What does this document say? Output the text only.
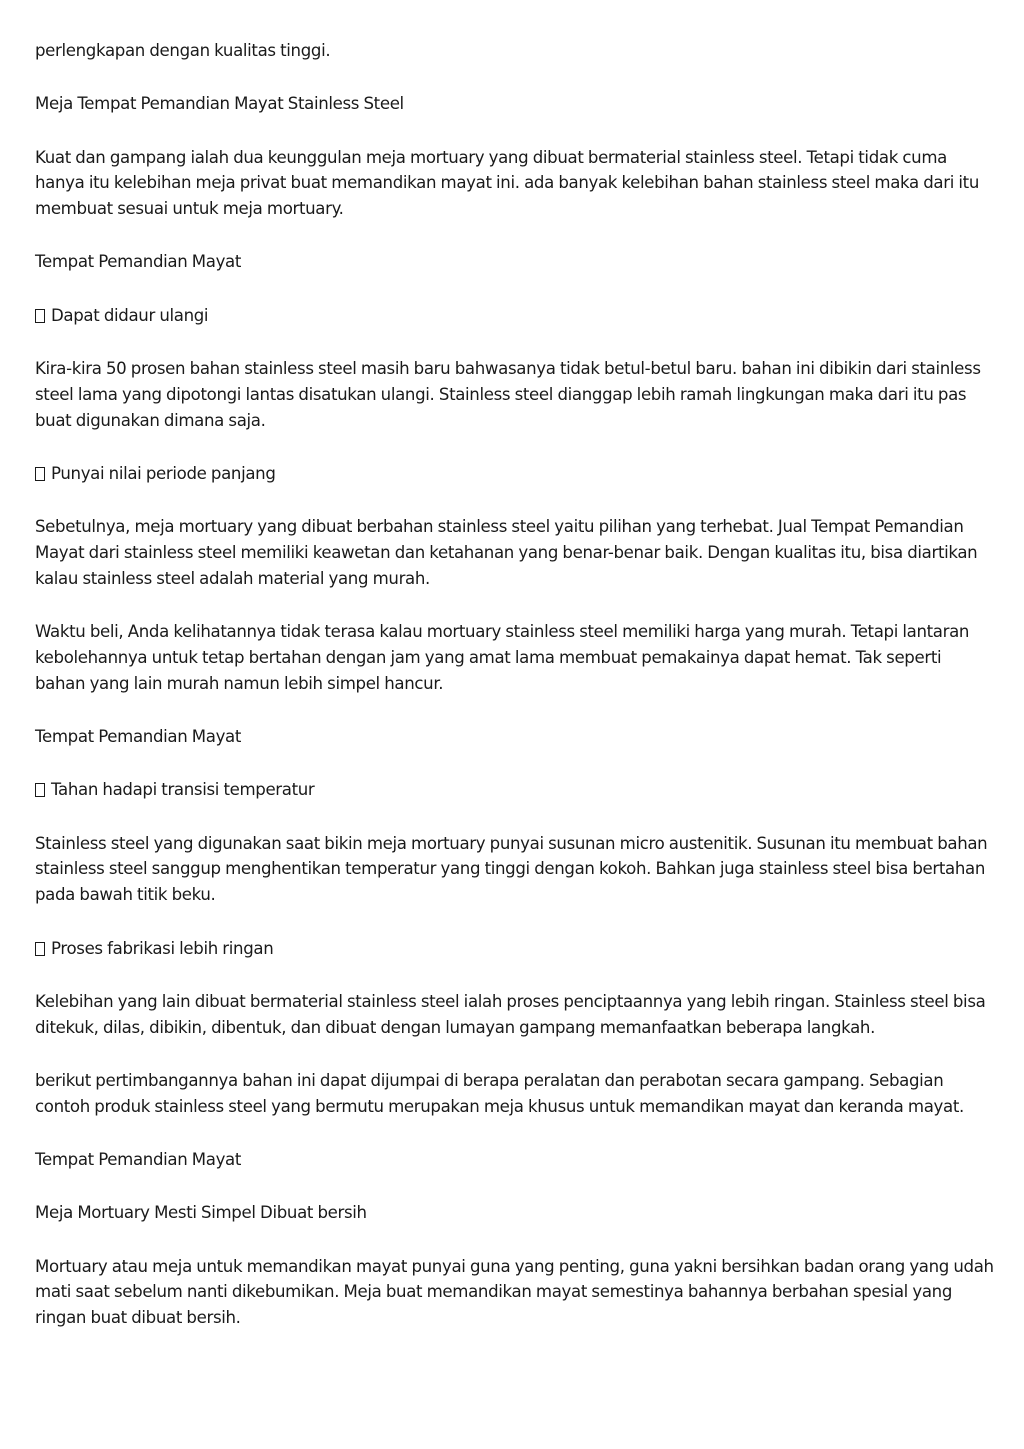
perlengkapan dengan kualitas tinggi.

Meja Tempat Pemandian Mayat Stainless Steel

Kuat dan gampang ialah dua keunggulan meja mortuary yang dibuat bermaterial stainless steel. Tetapi tidak cuma hanya itu kelebihan meja privat buat memandikan mayat ini. ada banyak kelebihan bahan stainless steel maka dari itu membuat sesuai untuk meja mortuary.

Tempat Pemandian Mayat

Dapat didaur ulangi

Kira-kira 50 prosen bahan stainless steel masih baru bahwasanya tidak betul-betul baru. bahan ini dibikin dari stainless steel lama yang dipotongi lantas disatukan ulangi. Stainless steel dianggap lebih ramah lingkungan maka dari itu pas buat digunakan dimana saja.

Punyai nilai periode panjang

Sebetulnya, meja mortuary yang dibuat berbahan stainless steel yaitu pilihan yang terhebat. Jual Tempat Pemandian Mayat dari stainless steel memiliki keawetan dan ketahanan yang benar-benar baik. Dengan kualitas itu, bisa diartikan kalau stainless steel adalah material yang murah.

Waktu beli, Anda kelihatannya tidak terasa kalau mortuary stainless steel memiliki harga yang murah. Tetapi lantaran kebolehannya untuk tetap bertahan dengan jam yang amat lama membuat pemakainya dapat hemat. Tak seperti bahan yang lain murah namun lebih simpel hancur.

Tempat Pemandian Mayat

Tahan hadapi transisi temperatur

Stainless steel yang digunakan saat bikin meja mortuary punyai susunan micro austenitik. Susunan itu membuat bahan stainless steel sanggup menghentikan temperatur yang tinggi dengan kokoh. Bahkan juga stainless steel bisa bertahan pada bawah titik beku.

Proses fabrikasi lebih ringan

Kelebihan yang lain dibuat bermaterial stainless steel ialah proses penciptaannya yang lebih ringan. Stainless steel bisa ditekuk, dilas, dibikin, dibentuk, dan dibuat dengan lumayan gampang memanfaatkan beberapa langkah.

berikut pertimbangannya bahan ini dapat dijumpai di berapa peralatan dan perabotan secara gampang. Sebagian contoh produk stainless steel yang bermutu merupakan meja khusus untuk memandikan mayat dan keranda mayat.

Tempat Pemandian Mayat

Meja Mortuary Mesti Simpel Dibuat bersih

Mortuary atau meja untuk memandikan mayat punyai guna yang penting, guna yakni bersihkan badan orang yang udah mati saat sebelum nanti dikebumikan. Meja buat memandikan mayat semestinya bahannya berbahan spesial yang ringan buat dibuat bersih.
